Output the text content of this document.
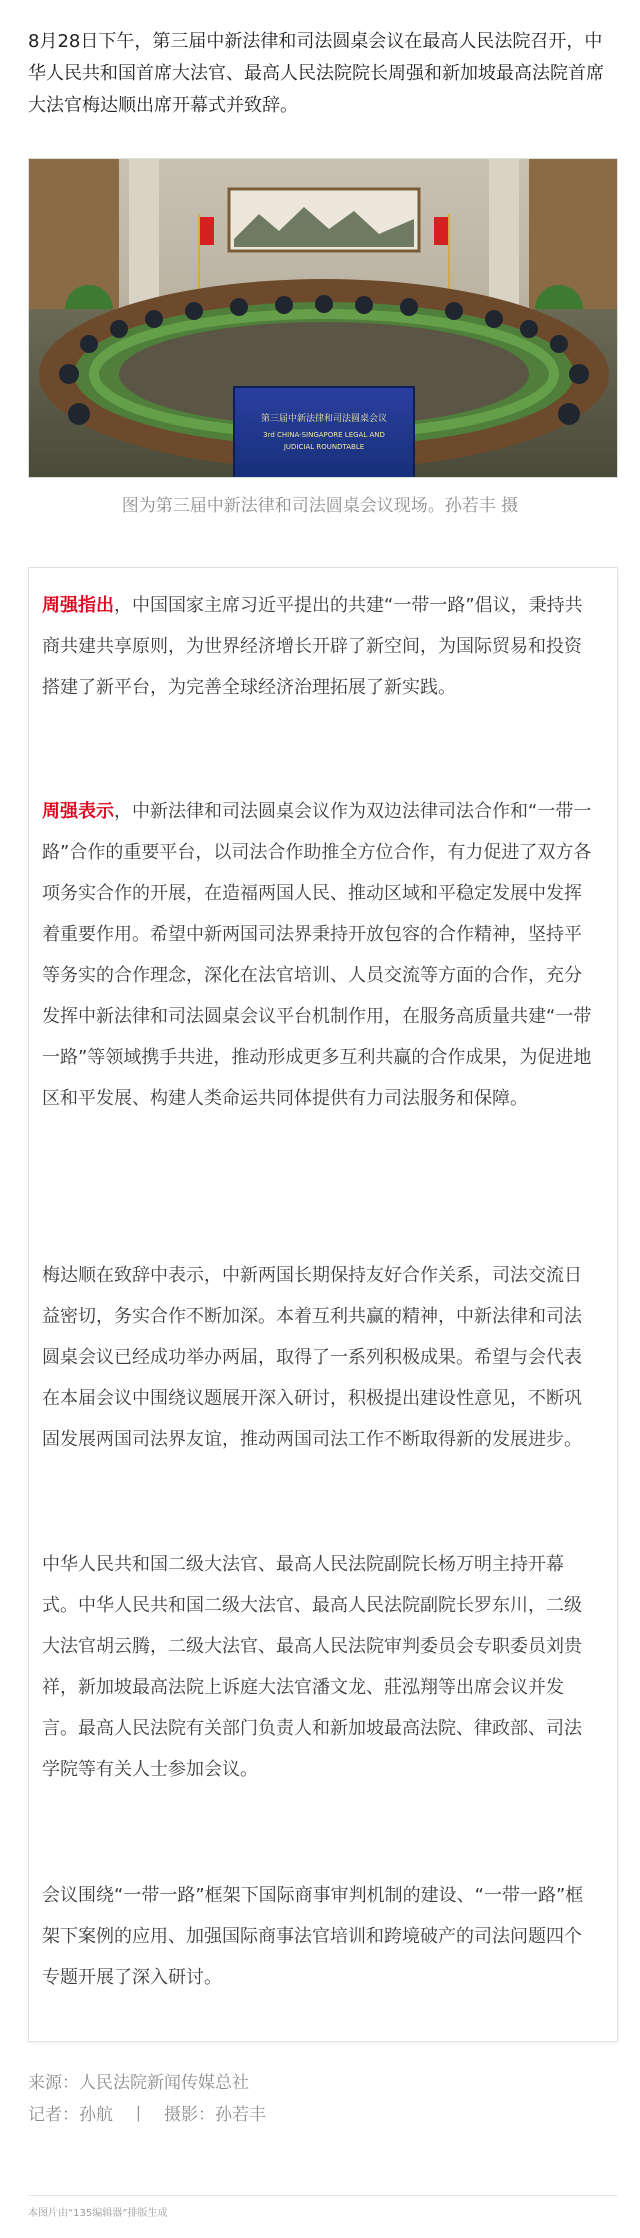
8月28日下午，第三届中新法律和司法圆桌会议在最高人民法院召开，中华人民共和国首席大法官、最高人民法院院长周强和新加坡最高法院首席大法官梅达顺出席开幕式并致辞。
第三届中新法律和司法圆桌会议
3rd CHINA-SINGAPORE LEGAL AND
JUDICIAL ROUNDTABLE
图为第三届中新法律和司法圆桌会议现场。孙若丰 摄
周强指出，中国国家主席习近平提出的共建“一带一路”倡议，秉持共商共建共享原则，为世界经济增长开辟了新空间，为国际贸易和投资搭建了新平台，为完善全球经济治理拓展了新实践。
周强表示，中新法律和司法圆桌会议作为双边法律司法合作和“一带一路”合作的重要平台，以司法合作助推全方位合作，有力促进了双方各项务实合作的开展，在造福两国人民、推动区域和平稳定发展中发挥着重要作用。希望中新两国司法界秉持开放包容的合作精神，坚持平等务实的合作理念，深化在法官培训、人员交流等方面的合作，充分发挥中新法律和司法圆桌会议平台机制作用，在服务高质量共建“一带一路”等领域携手共进，推动形成更多互利共赢的合作成果，为促进地区和平发展、构建人类命运共同体提供有力司法服务和保障。
梅达顺在致辞中表示，中新两国长期保持友好合作关系，司法交流日益密切，务实合作不断加深。本着互利共赢的精神，中新法律和司法圆桌会议已经成功举办两届，取得了一系列积极成果。希望与会代表在本届会议中围绕议题展开深入研讨，积极提出建设性意见，不断巩固发展两国司法界友谊，推动两国司法工作不断取得新的发展进步。
中华人民共和国二级大法官、最高人民法院副院长杨万明主持开幕式。中华人民共和国二级大法官、最高人民法院副院长罗东川，二级大法官胡云腾，二级大法官、最高人民法院审判委员会专职委员刘贵祥，新加坡最高法院上诉庭大法官潘文龙、莊泓翔等出席会议并发言。最高人民法院有关部门负责人和新加坡最高法院、律政部、司法学院等有关人士参加会议。
会议围绕“一带一路”框架下国际商事审判机制的建设、“一带一路”框架下案例的应用、加强国际商事法官培训和跨境破产的司法问题四个专题开展了深入研讨。
来源：人民法院新闻传媒总社
记者：孙航　丨　摄影：孙若丰
本图片由“135编辑器”排版生成
